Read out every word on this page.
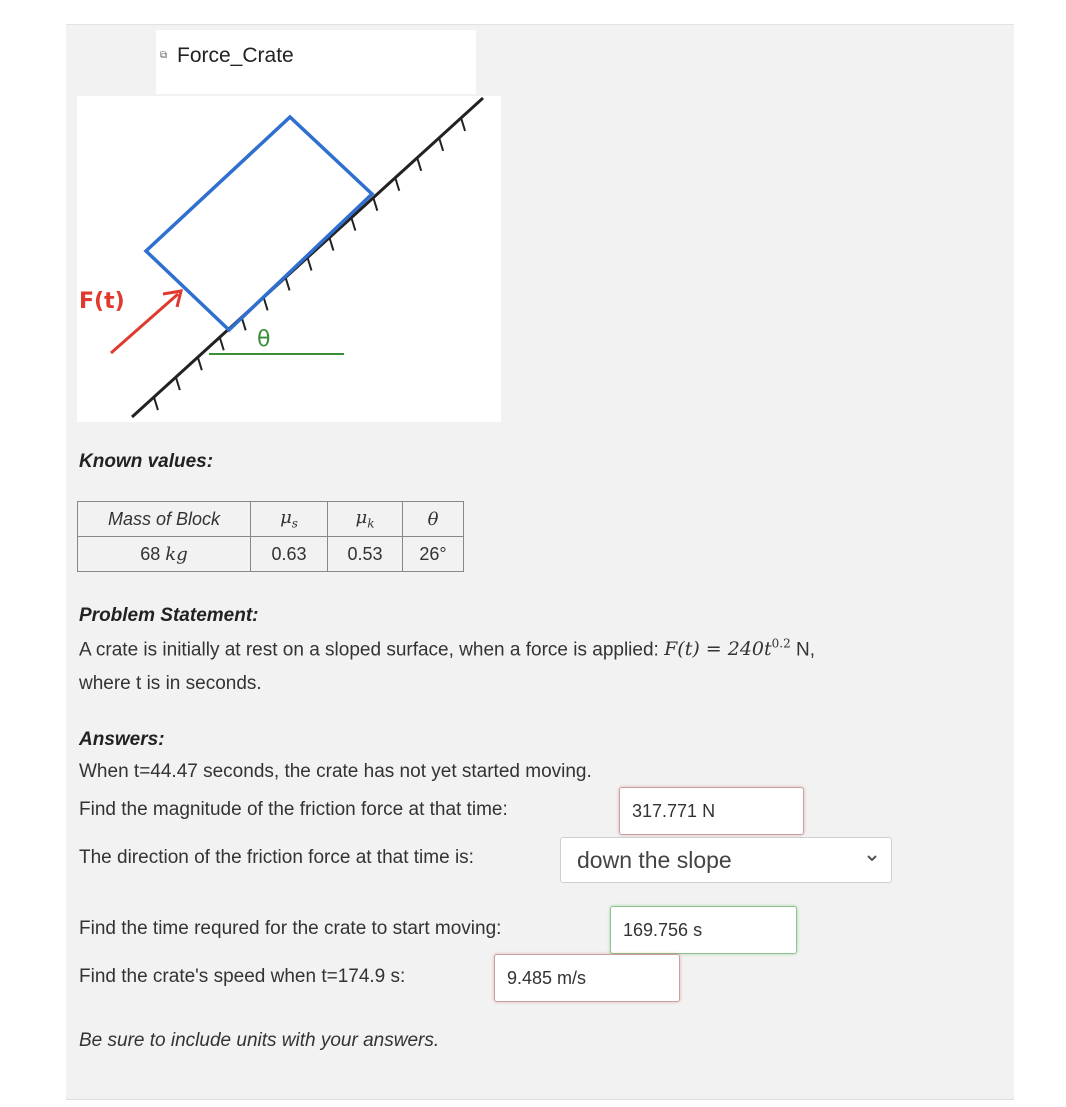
⧉ Force_Crate
F(t)
θ
Known values:
Mass of Block	$\mu_s$	$\mu_k$	θ
68 kg	0.63	0.53	26°
Problem Statement:
A crate is initially at rest on a sloped surface, when a force is applied: $F(t) = 240t^{0.2}$ N,
where t is in seconds.
Answers:
When t=44.47 seconds, the crate has not yet started moving.
Find the magnitude of the friction force at that time:	317.771 N
The direction of the friction force at that time is:	down the slope
Find the time requred for the crate to start moving:	169.756 s
Find the crate's speed when t=174.9 s:	9.485 m/s
Be sure to include units with your answers.
